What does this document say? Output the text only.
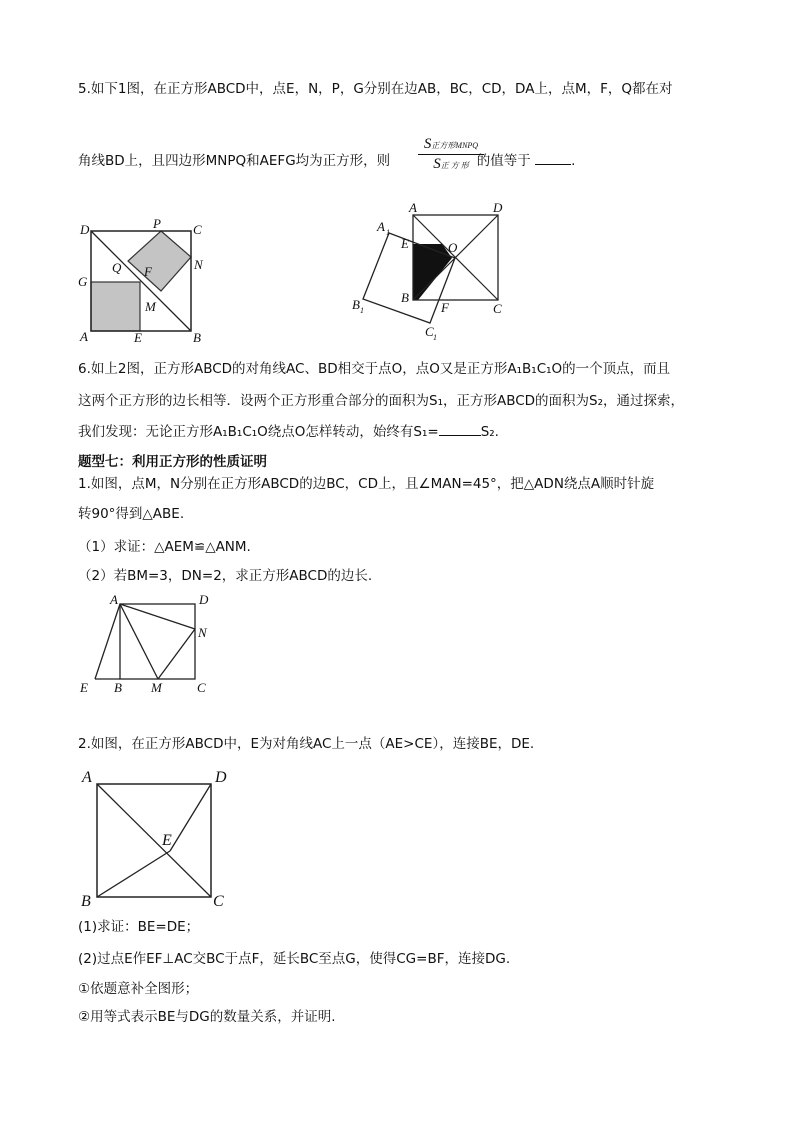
5.如下1图，在正方形ABCD中，点E，N，P，G分别在边AB，BC，CD，DA上，点M，F，Q都在对
角线BD上，且四边形MNPQ和AEFG均为正方形，则	的值等于	.
S正方形MNPQ
S正 方 形
D	P C
Q F	N
G
M
A	E	B
A	D
A 1
E	O
B
F	C
B 1
C 1
6.如上2图，正方形ABCD的对角线AC、BD相交于点O，点O又是正方形A₁B₁C₁O的一个顶点，而且
这两个正方形的边长相等．设两个正方形重合部分的面积为S₁，正方形ABCD的面积为S₂，通过探索，
我们发现：无论正方形A₁B₁C₁O绕点O怎样转动，始终有S₁=	S₂.
题型七：利用正方形的性质证明
1.如图，点M，N分别在正方形ABCD的边BC，CD上，且∠MAN=45°，把△ADN绕点A顺时针旋
转90°得到△ABE.
（1）求证：△AEM≌△ANM.
（2）若BM=3，DN=2，求正方形ABCD的边长.
A	D
N
E B M	C
2.如图，在正方形ABCD中，E为对角线AC上一点（AE>CE），连接BE，DE.
A	D
E
B	C
(1)求证：BE=DE；
(2)过点E作EF⊥AC交BC于点F，延长BC至点G，使得CG=BF，连接DG.
①依题意补全图形；
②用等式表示BE与DG的数量关系，并证明.
